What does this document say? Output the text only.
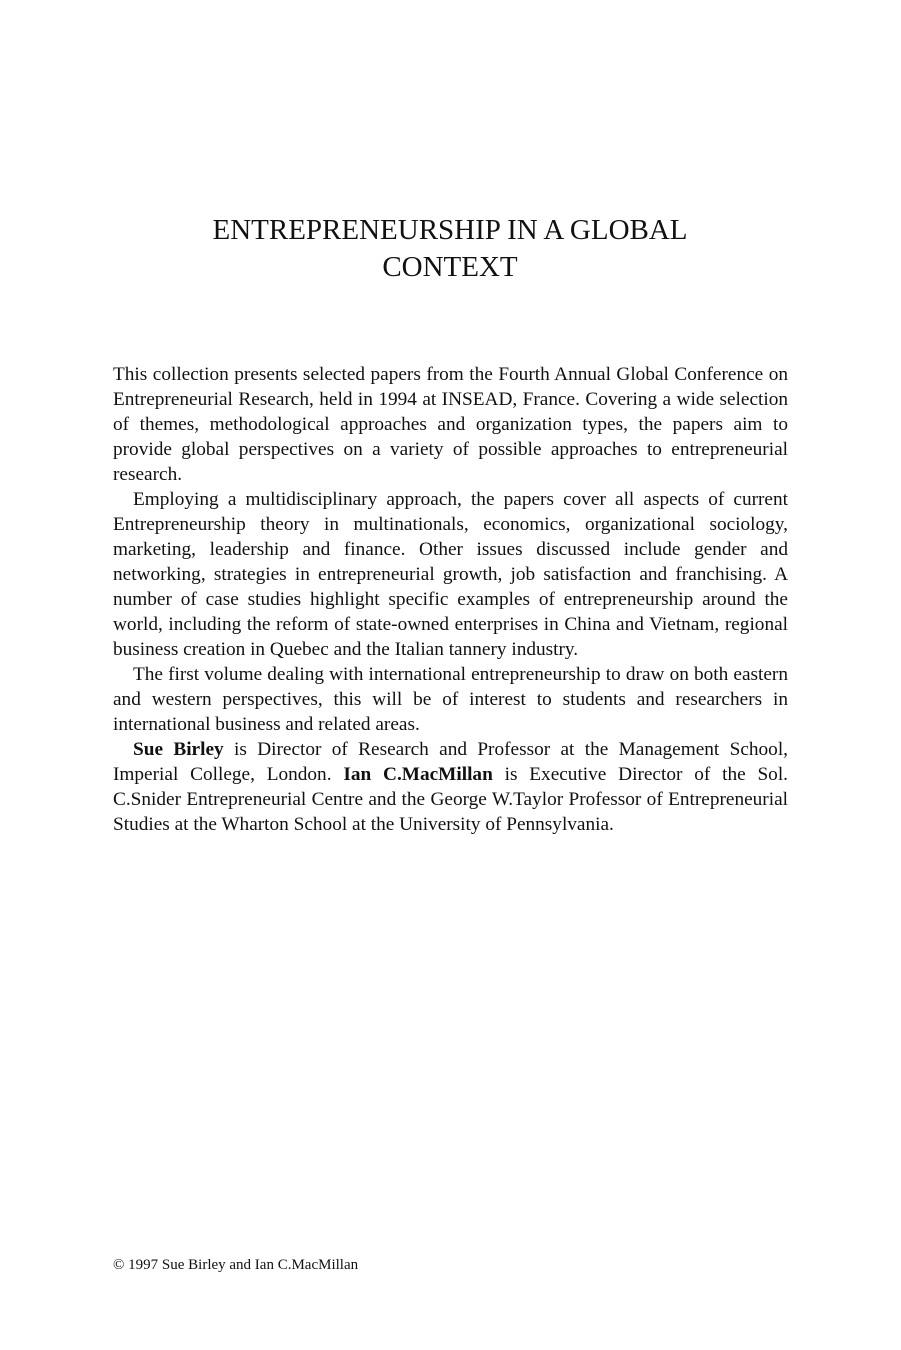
ENTREPRENEURSHIP IN A GLOBAL
CONTEXT

This collection presents selected papers from the Fourth Annual Global Conference on Entrepreneurial Research, held in 1994 at INSEAD, France. Covering a wide selection of themes, methodological approaches and organization types, the papers aim to provide global perspectives on a variety of possible approaches to entrepreneurial research.

Employing a multidisciplinary approach, the papers cover all aspects of current Entrepreneurship theory in multinationals, economics, organizational sociology, marketing, leadership and finance. Other issues discussed include gender and networking, strategies in entrepreneurial growth, job satisfaction and franchising. A number of case studies highlight specific examples of entrepreneurship around the world, including the reform of state-owned enterprises in China and Vietnam, regional business creation in Quebec and the Italian tannery industry.

The first volume dealing with international entrepreneurship to draw on both eastern and western perspectives, this will be of interest to students and researchers in international business and related areas.

Sue Birley is Director of Research and Professor at the Management School, Imperial College, London. Ian C.MacMillan is Executive Director of the Sol. C.Snider Entrepreneurial Centre and the George W.Taylor Professor of Entrepreneurial Studies at the Wharton School at the University of Pennsylvania.

© 1997 Sue Birley and Ian C.MacMillan
